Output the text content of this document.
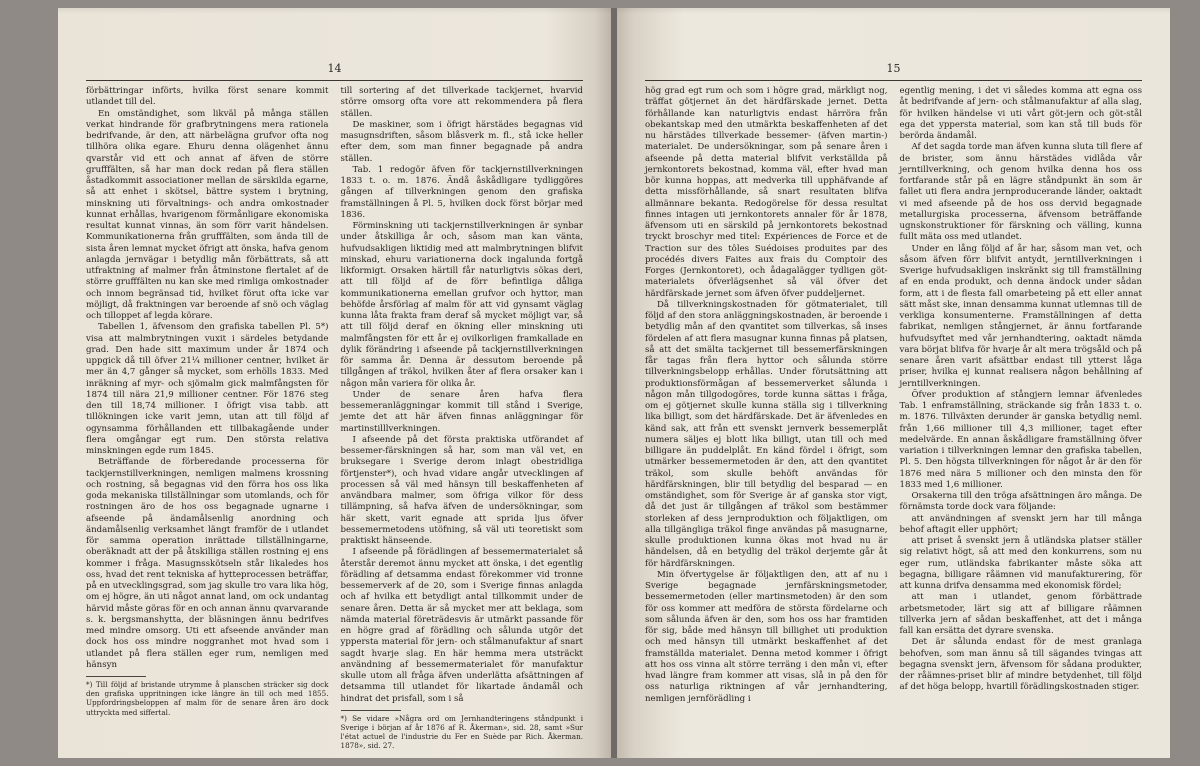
14

förbättringar införts, hvilka först senare kommit utlandet till del.

En omständighet, som likväl på många ställen verkat hindrande för grafbrytningens mera rationela bedrifvande, är den, att närbelägna grufvor ofta nog tillhöra olika egare. Ehuru denna olägenhet ännu qvarstår vid ett och annat af äfven de större grufffälten, så har man dock redan på flera ställen åstadkommit associationer mellan de särskilda egarne, så att enhet i skötsel, bättre system i brytning, minskning uti förvaltnings- och andra omkostnader kunnat erhållas, hvarigenom förmånligare ekonomiska resultat kunnat vinnas, än som förr varit händelsen. Kommunikationerna från grufffälten, som ända till de sista åren lemnat mycket öfrigt att önska, hafva genom anlagda jernvägar i betydlig mån förbättrats, så att utfraktning af malmer från åtminstone flertalet af de större grufffälten nu kan ske med rimliga omkostnader och innom begränsad tid, hvilket förut ofta icke var möjligt, då fraktningen var beroende af snö och väglag och tilloppet af legda körare.

Tabellen 1, äfvensom den grafiska tabellen Pl. 5*) visa att malmbrytningen vuxit i särdeles betydande grad. Den hade sitt maximum under år 1874 och uppgick då till öfver 21¹⁄₄ millioner centner, hvilket är mer än 4,7 gånger så mycket, som erhölls 1833. Med inräkning af myr- och sjömalm gick malmfångsten för 1874 till nära 21,9 millioner centner. För 1876 steg den till 18,74 millioner. I öfrigt visa tabb. att tillökningen icke varit jemn, utan att till följd af ogynsamma förhållanden ett tillbakagående under flera omgångar egt rum. Den största relativa minskningen egde rum 1845.

Beträffande de förberedande processerna för tackjernstillverkningen, nemligen malmens krossning och rostning, så begagnas vid den förra hos oss lika goda mekaniska tillställningar som utomlands, och för rostningen äro de hos oss begagnade ugnarne i afseende på ändamålsenlig anordning och ändamålsenlig verksamhet längt framför de i utlandet för samma operation inrättade tillställningarne, oberäknadt att der på åtskilliga ställen rostning ej ens kommer i fråga. Masugnsskötseln står likaledes hos oss, hvad det rent tekniska af hytteprocessen beträffar, på en utvecklingsgrad, som jag skulle tro vara lika hög, om ej högre, än uti något annat land, om ock undantag härvid måste göras för en och annan ännu qvarvarande s. k. bergsmanshytta, der bläsningen ännu bedrifves med mindre omsorg. Uti ett afseende använder man dock hos oss mindre noggranhet mot hvad som i utlandet på flera ställen eger rum, nemligen med hänsyn

*) Till följd af bristande utrymme å planschen sträcker sig dock den grafiska uppritningen icke längre än till och med 1855. Uppfordringsbeloppen af malm för de senare åren äro dock uttryckta med siffertal.

till sortering af det tillverkade tackjernet, hvarvid större omsorg ofta vore att rekommendera på flera ställen.

De maskiner, som i öfrigt härstädes begagnas vid masugnsdriften, såsom blåsverk m. fl., stå icke heller efter dem, som man finner begagnade på andra ställen.

Tab. 1 redogör äfven för tackjernstillverkningen 1833 t. o. m. 1876. Ändå åskådligare tydliggöres gången af tillverkningen genom den grafiska framställningen å Pl. 5, hvilken dock först börjar med 1836.

Förminskning uti tackjernstillverkningen är synbar under åtskilliga år och, såsom man kan vänta, hufvudsakligen liktidig med att malmbrytningen blifvit minskad, ehuru variationerna dock ingalunda fortgå likformigt. Orsaken härtill får naturligtvis sökas deri, att till följd af de förr befintliga dåliga kommunikationerna emellan grufvor och hyttor, man behöfde årsförlag af malm för att vid gynsamt väglag kunna låta frakta fram deraf så mycket möjligt var, så att till följd deraf en ökning eller minskning uti malmfångsten för ett år ej ovilkorligen framkallade en dylik förändring i afseende på tackjernstillverkningen för samma år. Denna är dessutom beroende på tillgången af träkol, hvilken åter af flera orsaker kan i någon mån variera för olika år.

Under de senare åren hafva flera bessemeranläggningar kommit till stånd i Sverige, jemte det att här äfven finnas anläggningar för martinstilllverkningen.

I afseende på det första praktiska utförandet af bessemer-färskningen så har, som man väl vet, en bruksegare i Sverige derom inlagt obestridliga förtjenster*), och hvad vidare angår utvecklingen af processen så väl med hänsyn till beskaffenheten af användbara malmer, som öfriga vilkor för dess tillämpning, så hafva äfven de undersökningar, som här skett, varit egnade att sprida ljus öfver bessemermetodens utöfning, så väl uti teoretiskt som praktiskt hänseende.

I afseende på förädlingen af bessemermaterialet så återstår deremot ännu mycket att önska, i det egentlig förädling af detsamma endast förekommer vid tronne bessemerverk af de 20, som i Sverige finnas anlagda och af hvilka ett betydligt antal tillkommit under de senare åren. Detta är så mycket mer att beklaga, som nämda material företrädesvis är utmärkt passande för en högre grad af förädling och sålunda utgör det ypperstа material för jern- och stålmanufaktur af snart sagdt hvarje slag. En här hemma mera utsträckt användning af bessemermaterialet för manufaktur skulle utom all fråga äfven underlätta afsättningen af detsamma till utlandet för likartade ändamål och hindrat det prisfall, som i så

*) Se vidare »Några ord om Jernhandteringens ståndpunkt i Sverige i början af år 1876 af R. Åkerman», sid. 28, samt »Sur l'état actuel de l'industrie du Fer en Suède par Rich. Åkerman. 1878», sid. 27.
15

hög grad egt rum och som i högre grad, märkligt nog, träffat götjernet än det härdfärskade jernet. Detta förhållande kan naturligtvis endast härröra från obekantskap med den utmärkta beskaffenheten af det nu härstädes tillverkade bessemer- (äfven martin-) materialet. De undersökningar, som på senare åren i afseende på detta material blifvit verkställda på jernkontorets bekostnad, komma väl, efter hvad man bör kunna hoppas, att medverka till upphäfvande af detta missförhållande, så snart resultaten blifva allmännare bekanta. Redogörelse för dessa resultat finnes intagen uti jernkontorets annaler för år 1878, äfvensom uti en särskild på jernkontorets bekostnad tryckt broschyr med titel: Expériences de Force et de Traction sur des tôles Suédoises produites par des procédés divers Faites aux frais du Comptoir des Forges (Jernkontoret), och ådagalägger tydligen göt-materialets öfverlägsenhet så väl öfver det härdfärskade jernet som äfven öfver puddeljernet.

Då tillverkningskostnaden för götmaterialet, till följd af den stora anläggningskostnaden, är beroende i betydlig mån af den qvantitet som tillverkas, så inses fördelen af att flera masugnar kunna finnas på platsen, så att det smälta tackjernet till bessemerfärskningen får tagas från flera hyttor och sålunda större tillverkningsbelopp erhållas. Under förutsättning att produktionsförmågan af bessemerverket sålunda i någon mån tillgodogöres, torde kunna sättas i fråga, om ej götjernet skulle kunna ställa sig i tillverkning lika billigt, som det härdfärskade. Det är äfvenledes en känd sak, att från ett svenskt jernverk bessemerplåt numera säljes ej blott lika billigt, utan till och med billigare än puddelplåt. En känd fördel i öfrigt, som utmärker bessemermetoden är den, att den qvantitet träkol, som skulle behöft användas för härdfärskningen, blir till betydlig del besparad — en omständighet, som för Sverige är af ganska stor vigt, då det just är tillgången af träkol som bestämmer storleken af dess jernproduktion och följaktligen, om alla tillgängliga träkol finge användas på masugnarne, skulle produktionen kunna ökas mot hvad nu är händelsen, då en betydlig del träkol derjemte går åt för härdfärskningen.

Min öfvertygelse är följaktligen den, att af nu i Sverige begagnade jernfärskningsmetoder, bessemermetoden (eller martinsmetoden) är den som för oss kommer att medföra de största fördelarne och som sålunda äfven är den, som hos oss har framtiden för sig, både med hänsyn till billighet uti produktion och med hänsyn till utmärkt beskaffenhet af det framställda materialet. Denna metod kommer i öfrigt att hos oss vinna alt större terräng i den mån vi, efter hvad längre fram kommer att visas, slå in på den för oss naturliga riktningen af vår jernhandtering, nemligen jernförädling i

egentlig mening, i det vi således komma att egna oss åt bedrifvande af jern- och stålmanufaktur af alla slag, för hvilken händelse vi uti vårt göt-jern och göt-stål ega det ypperstа material, som kan stå till buds för berörda ändamål.

Af det sagda torde man äfven kunna sluta till flere af de brister, som ännu härstädes vidlåda vår jerntillverkning, och genom hvilka denna hos oss fortfarande står på en lägre ståndpunkt än som är fallet uti flera andra jernproducerande länder, oaktadt vi med afseende på de hos oss dervid begagnade metallurgiska processerna, äfvensom beträffande ugnskonstruktioner för färskning och välling, kunna fullt mäta oss med utlandet.

Under en lång följd af år har, såsom man vet, och såsom äfven förr blifvit antydt, jerntillverkningen i Sverige hufvudsakligen inskränkt sig till framställning af en enda produkt, och denna ändock under sådan form, att i de flesta fall omarbeteing på ett eller annat sätt måst ske, innan densamma kunnat utlemnas till de verkliga konsumenterne. Framställningen af detta fabrikat, nemligen stångjernet, är ännu fortfarande hufvudsyftet med vår jernhandtering, oaktadt nämda vara börjat blifva för hvarje år alt mera trögsåld och på senare åren varit afsättbar endast till ytterst låga priser, hvilka ej kunnat realisera någon behållning af jerntillverkningen.

Öfver produktion af stångjern lemnar äfvenledes Tab. 1 enframställning, sträckande sig från 1833 t. o. m. 1876. Tillväxten derunder är ganska betydlig neml. från 1,66 millioner till 4,3 millioner, taget efter medelvärde. En annan åskådligare framställning öfver variation i tillverkningen lemnar den grafiska tabellen, Pl. 5. Den högsta tillverkningen för något år är den för 1876 med nära 5 millioner och den minsta den för 1833 med 1,6 millioner.

Orsakerna till den tröga afsättningen äro många. De förnämsta torde dock vara följande:

att användningen af svenskt jern har till många behof aftagit eller upphört;

att priset å svenskt jern å utländska platser ställer sig relativt högt, så att med den konkurrens, som nu eger rum, utländska fabrikanter måste söka att begagna, billigare råämnen vid manufakturering, för att kunna drifva densamma med ekonomisk fördel;

att man i utlandet, genom förbättrade arbetsmetoder, lärt sig att af billigare råämnen tillverka jern af sådan beskaffenhet, att det i många fall kan ersätta det dyrare svenska.

Det är sålunda endast för de mest granlaga behofven, som man ännu så till sägandes tvingas att begagna svenskt jern, äfvensom för sådana produkter, der råämnes-priset blir af mindre betydenhet, till följd af det höga belopp, hvartill förädlingskostnaden stiger.
